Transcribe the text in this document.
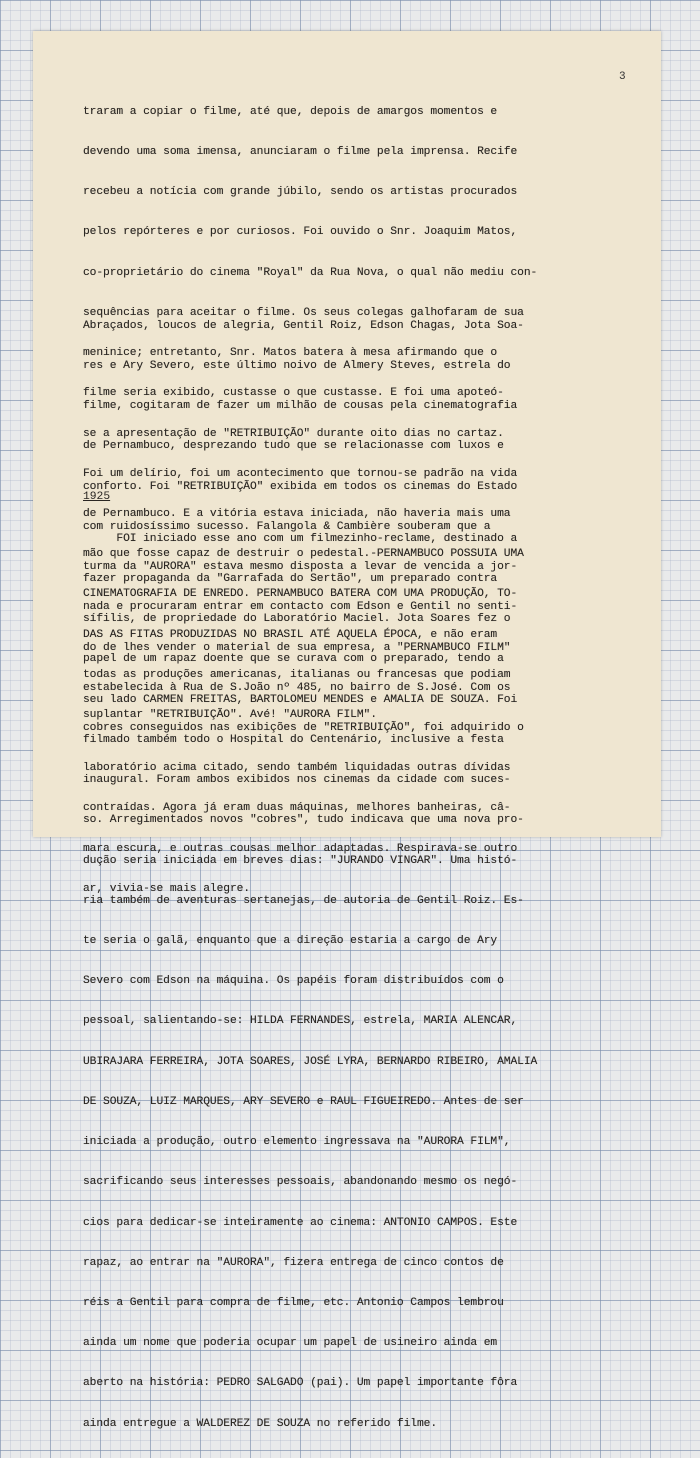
3

traram a copiar o filme, até que, depois de amargos momentos e

devendo uma soma imensa, anunciaram o filme pela imprensa. Recife

recebeu a notícia com grande júbilo, sendo os artistas procurados

pelos repórteres e por curiosos. Foi ouvido o Snr. Joaquim Matos,

co-proprietário do cinema "Royal" da Rua Nova, o qual não mediu con-

sequências para aceitar o filme. Os seus colegas galhofaram de sua

meninice; entretanto, Snr. Matos batera à mesa afirmando que o

filme seria exibido, custasse o que custasse. E foi uma apoteó-

se a apresentação de "RETRIBUIÇÃO" durante oito dias no cartaz.

Foi um delírio, foi um acontecimento que tornou-se padrão na vida

de Pernambuco. E a vitória estava iniciada, não haveria mais uma

mão que fosse capaz de destruir o pedestal.-PERNAMBUCO POSSUIA UMA

CINEMATOGRAFIA DE ENREDO. PERNAMBUCO BATERA COM UMA PRODUÇÃO, TO-

DAS AS FITAS PRODUZIDAS NO BRASIL ATÉ AQUELA ÉPOCA, e não eram

todas as produções americanas, italianas ou francesas que podiam

suplantar "RETRIBUIÇÃO". Avé! "AURORA FILM".

Abraçados, loucos de alegria, Gentil Roiz, Edson Chagas, Jota Soa-

res e Ary Severo, este último noivo de Almery Steves, estrela do

filme, cogitaram de fazer um milhão de cousas pela cinematografia

de Pernambuco, desprezando tudo que se relacionasse com luxos e

conforto. Foi "RETRIBUIÇÃO" exibida em todos os cinemas do Estado

com ruidosíssimo sucesso. Falangola & Cambière souberam que a

turma da "AURORA" estava mesmo disposta a levar de vencida a jor-

nada e procuraram entrar em contacto com Edson e Gentil no senti-

do de lhes vender o material de sua empresa, a "PERNAMBUCO FILM"

estabelecida à Rua de S.João nº 485, no bairro de S.José. Com os

cobres conseguidos nas exibições de "RETRIBUIÇÃO", foi adquirido o

laboratório acima citado, sendo também liquidadas outras dívidas

contraídas. Agora já eram duas máquinas, melhores banheiras, câ-

mara escura, e outras cousas melhor adaptadas. Respirava-se outro

ar, vivia-se mais alegre.

1925

FOI iniciado esse ano com um filmezinho-reclame, destinado a

fazer propaganda da "Garrafada do Sertão", um preparado contra

sífilis, de propriedade do Laboratório Maciel. Jota Soares fez o

papel de um rapaz doente que se curava com o preparado, tendo a

seu lado CARMEN FREITAS, BARTOLOMEU MENDES e AMALIA DE SOUZA. Foi

filmado também todo o Hospital do Centenário, inclusive a festa

inaugural. Foram ambos exibidos nos cinemas da cidade com suces-

so. Arregimentados novos "cobres", tudo indicava que uma nova pro-

dução seria iniciada em breves dias: "JURANDO VINGAR". Uma histó-

ria também de aventuras sertanejas, de autoria de Gentil Roiz. Es-

te seria o galã, enquanto que a direção estaria a cargo de Ary

Severo com Edson na máquina. Os papéis foram distribuídos com o

pessoal, salientando-se: HILDA FERNANDES, estrela, MARIA ALENCAR,

UBIRAJARA FERREIRA, JOTA SOARES, JOSÉ LYRA, BERNARDO RIBEIRO, AMALIA

DE SOUZA, LUIZ MARQUES, ARY SEVERO e RAUL FIGUEIREDO. Antes de ser

iniciada a produção, outro elemento ingressava na "AURORA FILM",

sacrificando seus interesses pessoais, abandonando mesmo os negó-

cios para dedicar-se inteiramente ao cinema: ANTONIO CAMPOS. Este

rapaz, ao entrar na "AURORA", fizera entrega de cinco contos de

réis a Gentil para compra de filme, etc. Antonio Campos lembrou

ainda um nome que poderia ocupar um papel de usineiro ainda em

aberto na história: PEDRO SALGADO (pai). Um papel importante fôra

ainda entregue a WALDEREZ DE SOUZA no referido filme.
